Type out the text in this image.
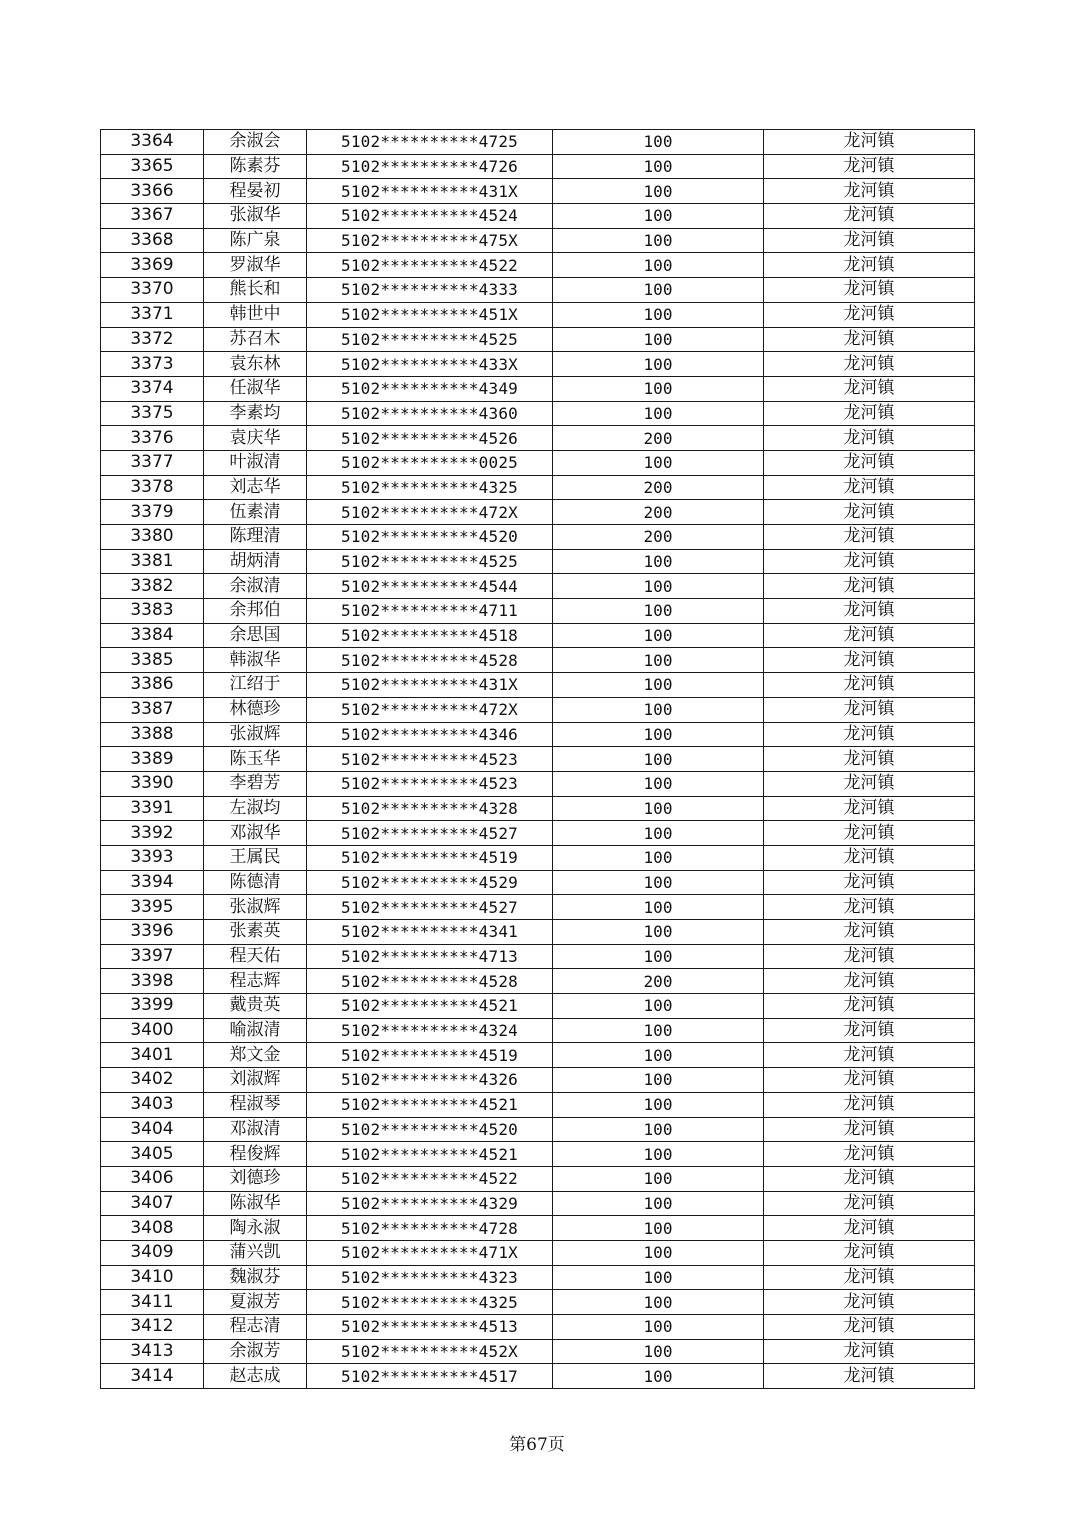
3364	余淑会	5102**********4725	100	龙河镇
3365	陈素芬	5102**********4726	100	龙河镇
3366	程晏初	5102**********431X	100	龙河镇
3367	张淑华	5102**********4524	100	龙河镇
3368	陈广泉	5102**********475X	100	龙河镇
3369	罗淑华	5102**********4522	100	龙河镇
3370	熊长和	5102**********4333	100	龙河镇
3371	韩世中	5102**********451X	100	龙河镇
3372	苏召木	5102**********4525	100	龙河镇
3373	袁东林	5102**********433X	100	龙河镇
3374	任淑华	5102**********4349	100	龙河镇
3375	李素均	5102**********4360	100	龙河镇
3376	袁庆华	5102**********4526	200	龙河镇
3377	叶淑清	5102**********0025	100	龙河镇
3378	刘志华	5102**********4325	200	龙河镇
3379	伍素清	5102**********472X	200	龙河镇
3380	陈理清	5102**********4520	200	龙河镇
3381	胡炳清	5102**********4525	100	龙河镇
3382	余淑清	5102**********4544	100	龙河镇
3383	余邦伯	5102**********4711	100	龙河镇
3384	余思国	5102**********4518	100	龙河镇
3385	韩淑华	5102**********4528	100	龙河镇
3386	江绍于	5102**********431X	100	龙河镇
3387	林德珍	5102**********472X	100	龙河镇
3388	张淑辉	5102**********4346	100	龙河镇
3389	陈玉华	5102**********4523	100	龙河镇
3390	李碧芳	5102**********4523	100	龙河镇
3391	左淑均	5102**********4328	100	龙河镇
3392	邓淑华	5102**********4527	100	龙河镇
3393	王属民	5102**********4519	100	龙河镇
3394	陈德清	5102**********4529	100	龙河镇
3395	张淑辉	5102**********4527	100	龙河镇
3396	张素英	5102**********4341	100	龙河镇
3397	程天佑	5102**********4713	100	龙河镇
3398	程志辉	5102**********4528	200	龙河镇
3399	戴贵英	5102**********4521	100	龙河镇
3400	喻淑清	5102**********4324	100	龙河镇
3401	郑文金	5102**********4519	100	龙河镇
3402	刘淑辉	5102**********4326	100	龙河镇
3403	程淑琴	5102**********4521	100	龙河镇
3404	邓淑清	5102**********4520	100	龙河镇
3405	程俊辉	5102**********4521	100	龙河镇
3406	刘德珍	5102**********4522	100	龙河镇
3407	陈淑华	5102**********4329	100	龙河镇
3408	陶永淑	5102**********4728	100	龙河镇
3409	蒲兴凯	5102**********471X	100	龙河镇
3410	魏淑芬	5102**********4323	100	龙河镇
3411	夏淑芳	5102**********4325	100	龙河镇
3412	程志清	5102**********4513	100	龙河镇
3413	余淑芳	5102**********452X	100	龙河镇
3414	赵志成	5102**********4517	100	龙河镇
第67页
